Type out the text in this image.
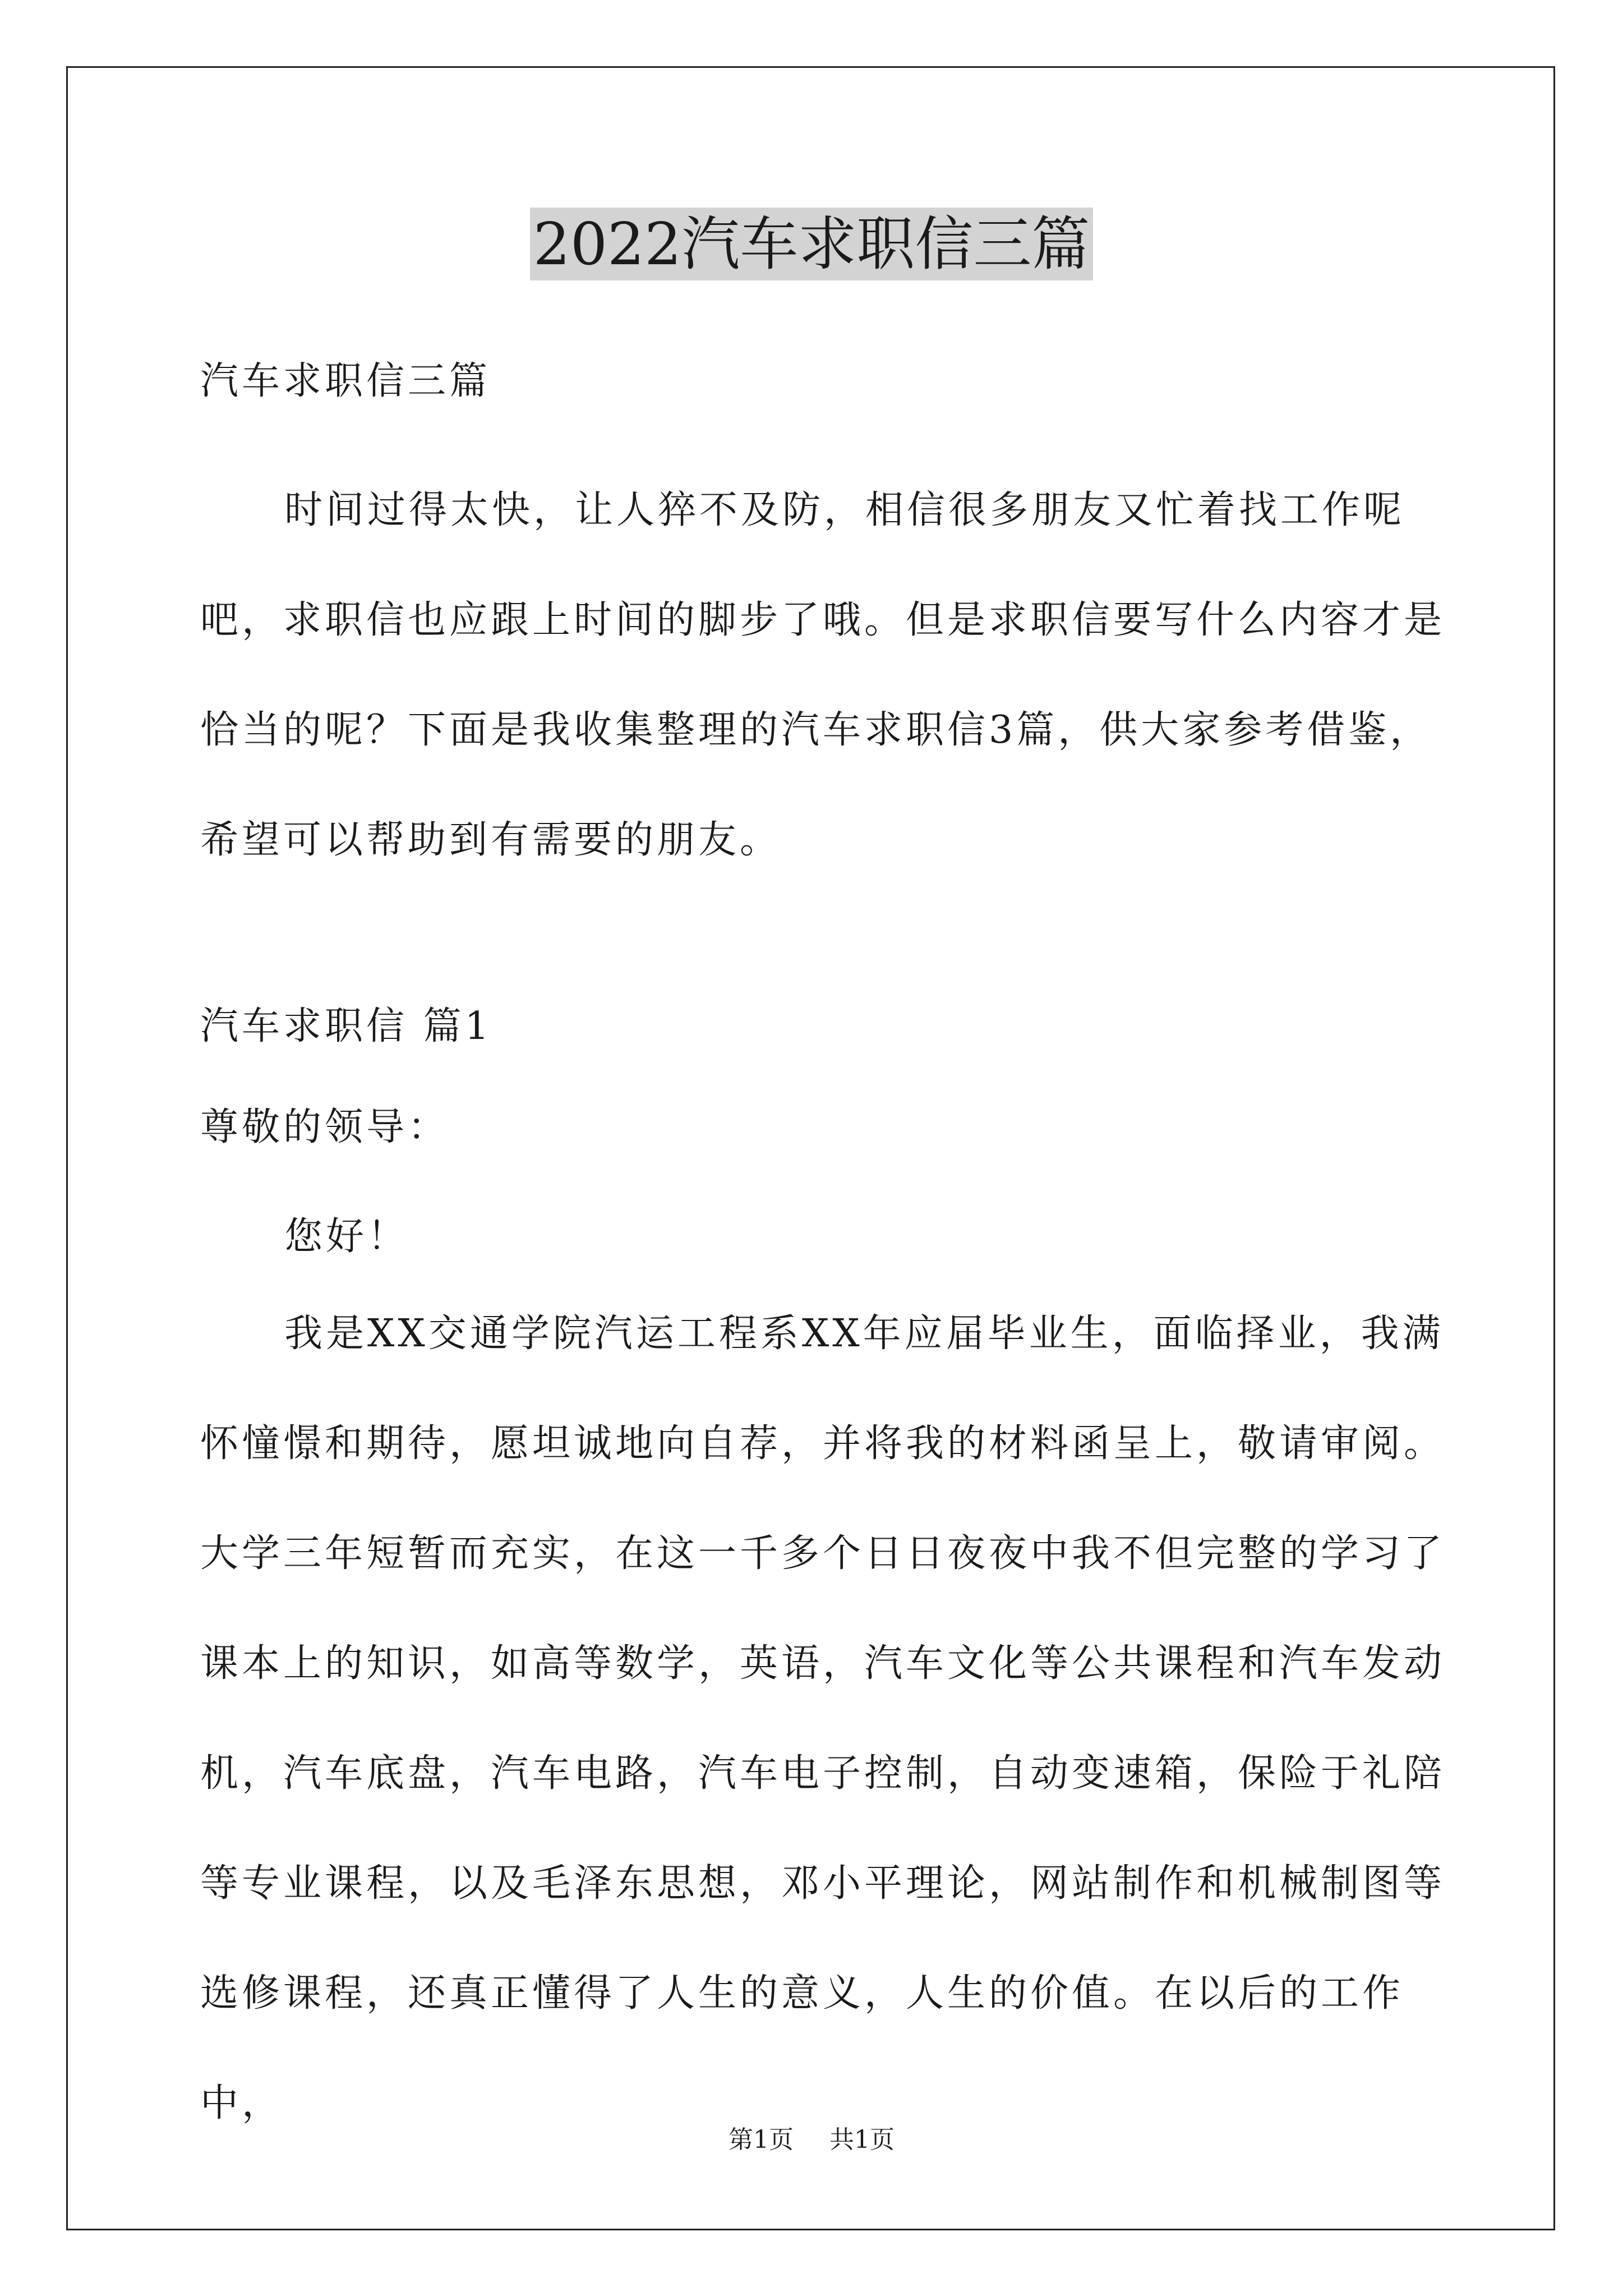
2022汽车求职信三篇

汽车求职信三篇

时间过得太快，让人猝不及防，相信很多朋友又忙着找工作呢吧，求职信也应跟上时间的脚步了哦。但是求职信要写什么内容才是恰当的呢？下面是我收集整理的汽车求职信3篇，供大家参考借鉴，希望可以帮助到有需要的朋友。

汽车求职信 篇1

尊敬的领导：

您好！

我是XX交通学院汽运工程系XX年应届毕业生，面临择业，我满怀憧憬和期待，愿坦诚地向自荐，并将我的材料函呈上，敬请审阅。大学三年短暂而充实，在这一千多个日日夜夜中我不但完整的学习了课本上的知识，如高等数学，英语，汽车文化等公共课程和汽车发动机，汽车底盘，汽车电路，汽车电子控制，自动变速箱，保险于礼陪等专业课程，以及毛泽东思想，邓小平理论，网站制作和机械制图等选修课程，还真正懂得了人生的意义，人生的价值。在以后的工作中，

第1页 共1页
